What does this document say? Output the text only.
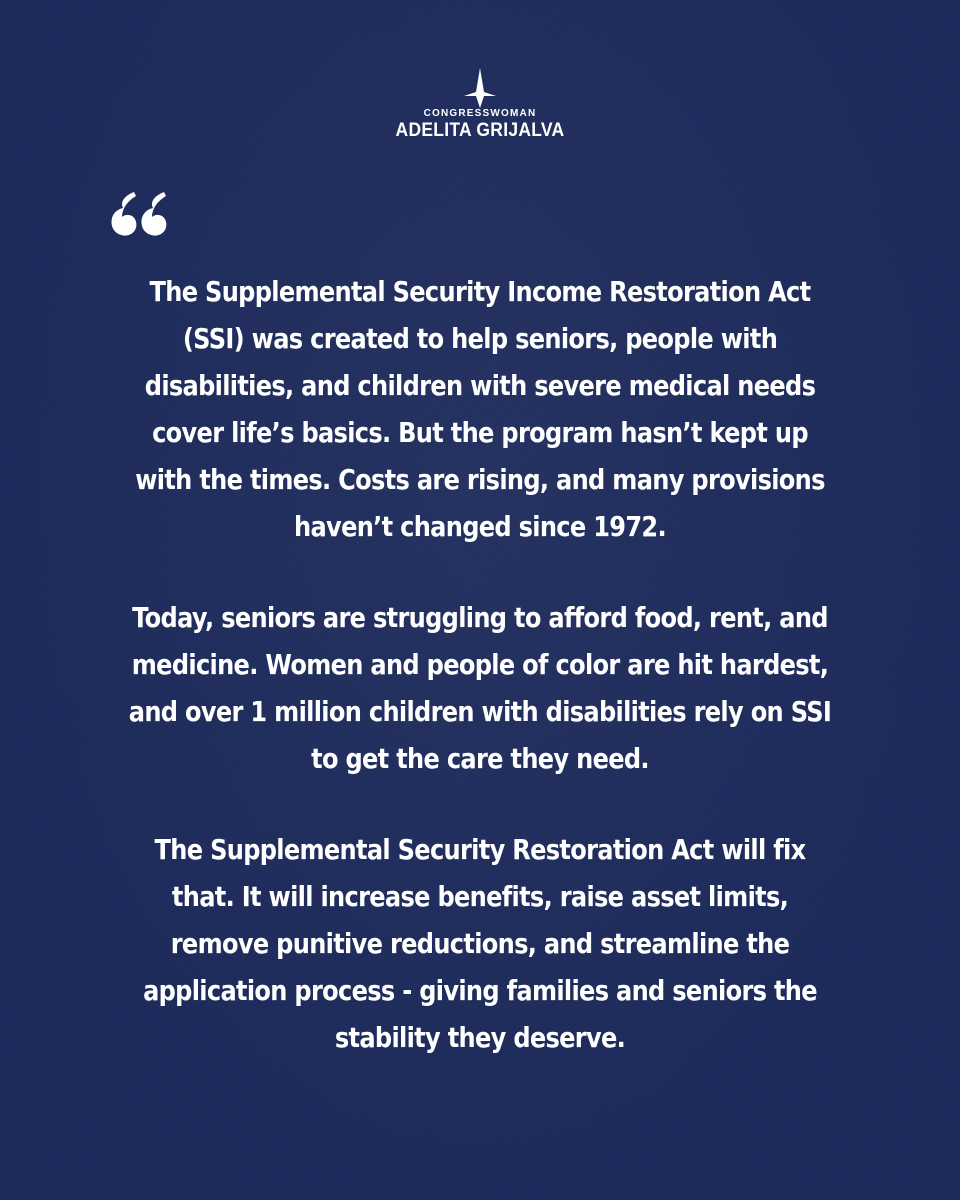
CONGRESSWOMAN
ADELITA GRIJALVA

The Supplemental Security Income Restoration Act (SSI) was created to help seniors, people with disabilities, and children with severe medical needs cover life’s basics. But the program hasn’t kept up with the times. Costs are rising, and many provisions haven’t changed since 1972.

Today, seniors are struggling to afford food, rent, and medicine. Women and people of color are hit hardest, and over 1 million children with disabilities rely on SSI to get the care they need.

The Supplemental Security Restoration Act will fix that. It will increase benefits, raise asset limits, remove punitive reductions, and streamline the application process - giving families and seniors the stability they deserve.
